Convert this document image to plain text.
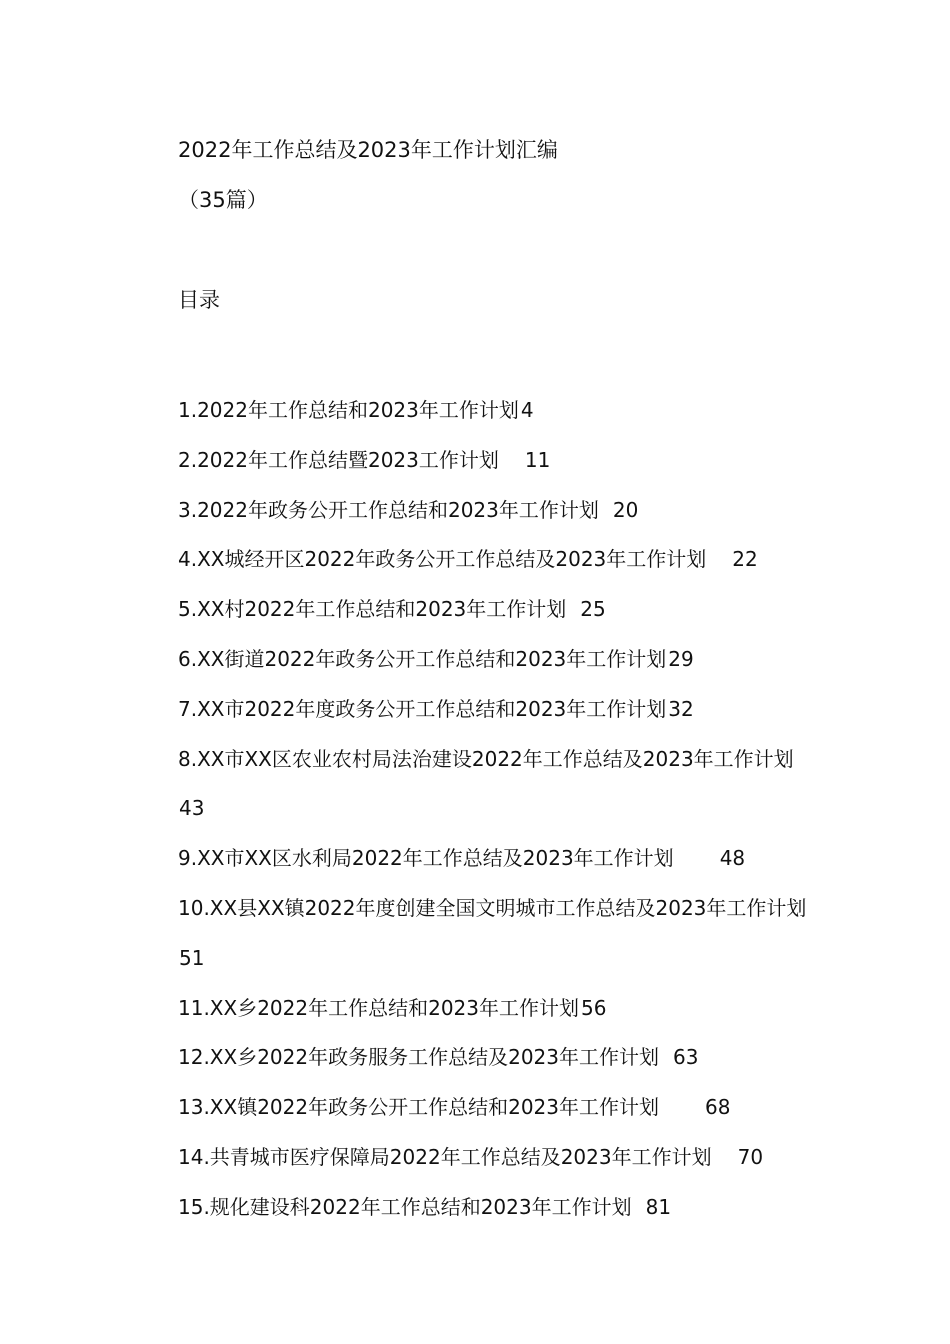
2022年工作总结及2023年工作计划汇编
（35篇）
目录
1.2022年工作总结和2023年工作计划 4
2.2022年工作总结暨2023工作计划 11
3.2022年政务公开工作总结和2023年工作计划 20
4.XX城经开区2022年政务公开工作总结及2023年工作计划 22
5.XX村2022年工作总结和2023年工作计划 25
6.XX街道2022年政务公开工作总结和2023年工作计划 29
7.XX市2022年度政务公开工作总结和2023年工作计划 32
8.XX市XX区农业农村局法治建设2022年工作总结及2023年工作计划43
9.XX市XX区水利局2022年工作总结及2023年工作计划 48
10.XX县XX镇2022年度创建全国文明城市工作总结及2023年工作计划51
11.XX乡2022年工作总结和2023年工作计划 56
12.XX乡2022年政务服务工作总结及2023年工作计划 63
13.XX镇2022年政务公开工作总结和2023年工作计划 68
14.共青城市医疗保障局2022年工作总结及2023年工作计划 70
15.规化建设科2022年工作总结和2023年工作计划 81
